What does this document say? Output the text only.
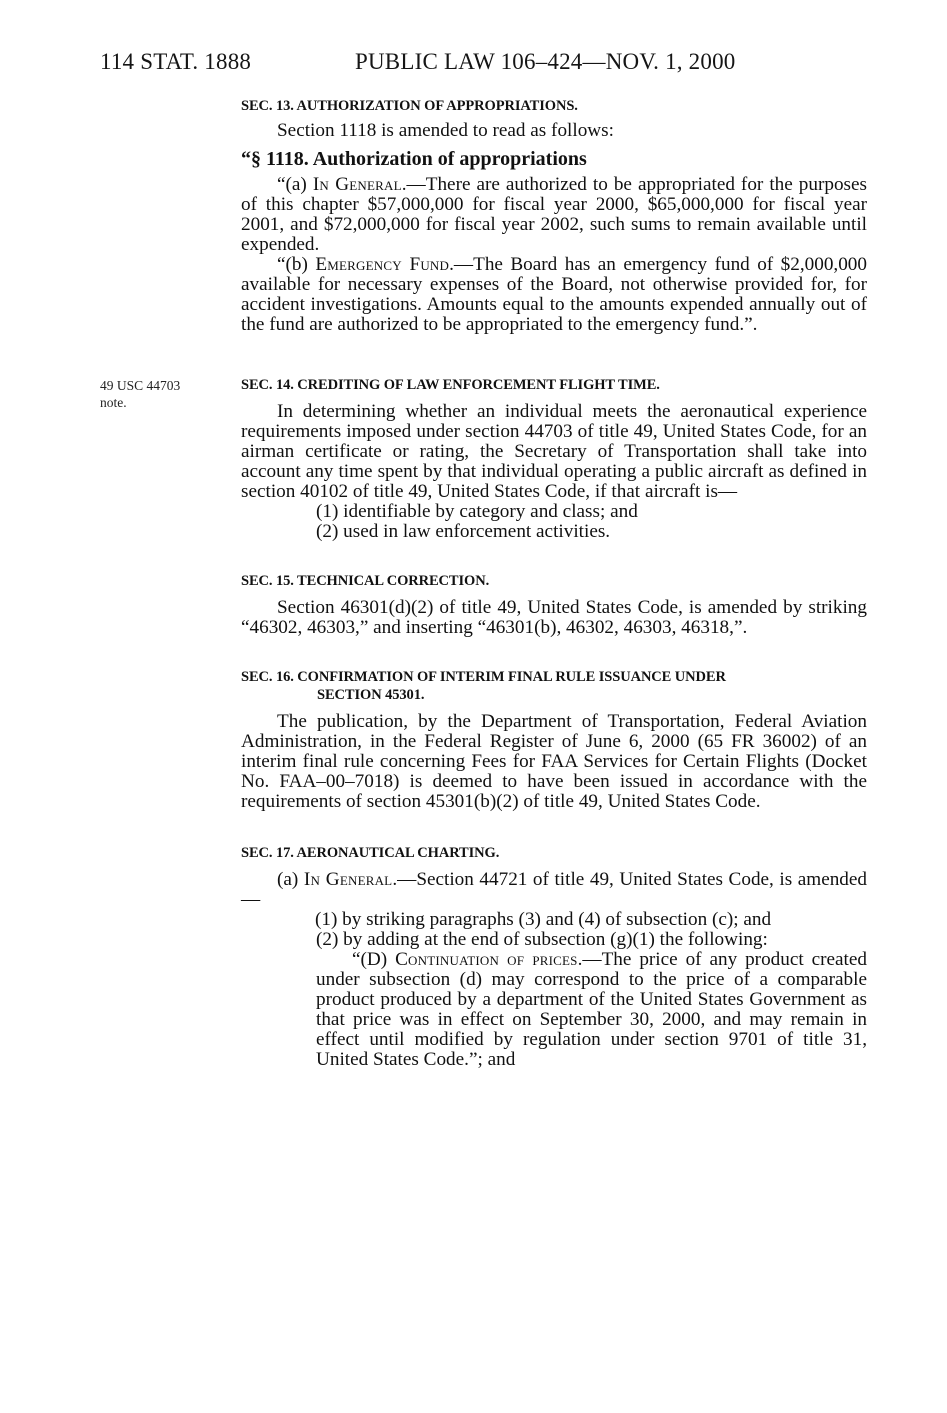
114 STAT. 1888	PUBLIC LAW 106–424—NOV. 1, 2000
49 USC 44703
note.

SEC. 13. AUTHORIZATION OF APPROPRIATIONS.

Section 1118 is amended to read as follows:

“§ 1118. Authorization of appropriations

“(a) In General.—There are authorized to be appropriated for the purposes of this chapter $57,000,000 for fiscal year 2000, $65,000,000 for fiscal year 2001, and $72,000,000 for fiscal year 2002, such sums to remain available until expended.

“(b) Emergency Fund.—The Board has an emergency fund of $2,000,000 available for necessary expenses of the Board, not otherwise provided for, for accident investigations. Amounts equal to the amounts expended annually out of the fund are authorized to be appropriated to the emergency fund.”.

SEC. 14. CREDITING OF LAW ENFORCEMENT FLIGHT TIME.

In determining whether an individual meets the aeronautical experience requirements imposed under section 44703 of title 49, United States Code, for an airman certificate or rating, the Secretary of Transportation shall take into account any time spent by that individual operating a public aircraft as defined in section 40102 of title 49, United States Code, if that aircraft is—

(1) identifiable by category and class; and

(2) used in law enforcement activities.

SEC. 15. TECHNICAL CORRECTION.

Section 46301(d)(2) of title 49, United States Code, is amended by striking “46302, 46303,” and inserting “46301(b), 46302, 46303, 46318,”.

SEC. 16. CONFIRMATION OF INTERIM FINAL RULE ISSUANCE UNDER

SECTION 45301.

The publication, by the Department of Transportation, Federal Aviation Administration, in the Federal Register of June 6, 2000 (65 FR 36002) of an interim final rule concerning Fees for FAA Services for Certain Flights (Docket No. FAA–00–7018) is deemed to have been issued in accordance with the requirements of section 45301(b)(2) of title 49, United States Code.

SEC. 17. AERONAUTICAL CHARTING.

(a) In General.—Section 44721 of title 49, United States Code, is amended—

(1) by striking paragraphs (3) and (4) of subsection (c); and

(2) by adding at the end of subsection (g)(1) the following:

“(D) Continuation of prices.—The price of any product created under subsection (d) may correspond to the price of a comparable product produced by a department of the United States Government as that price was in effect on September 30, 2000, and may remain in effect until modified by regulation under section 9701 of title 31, United States Code.”; and
